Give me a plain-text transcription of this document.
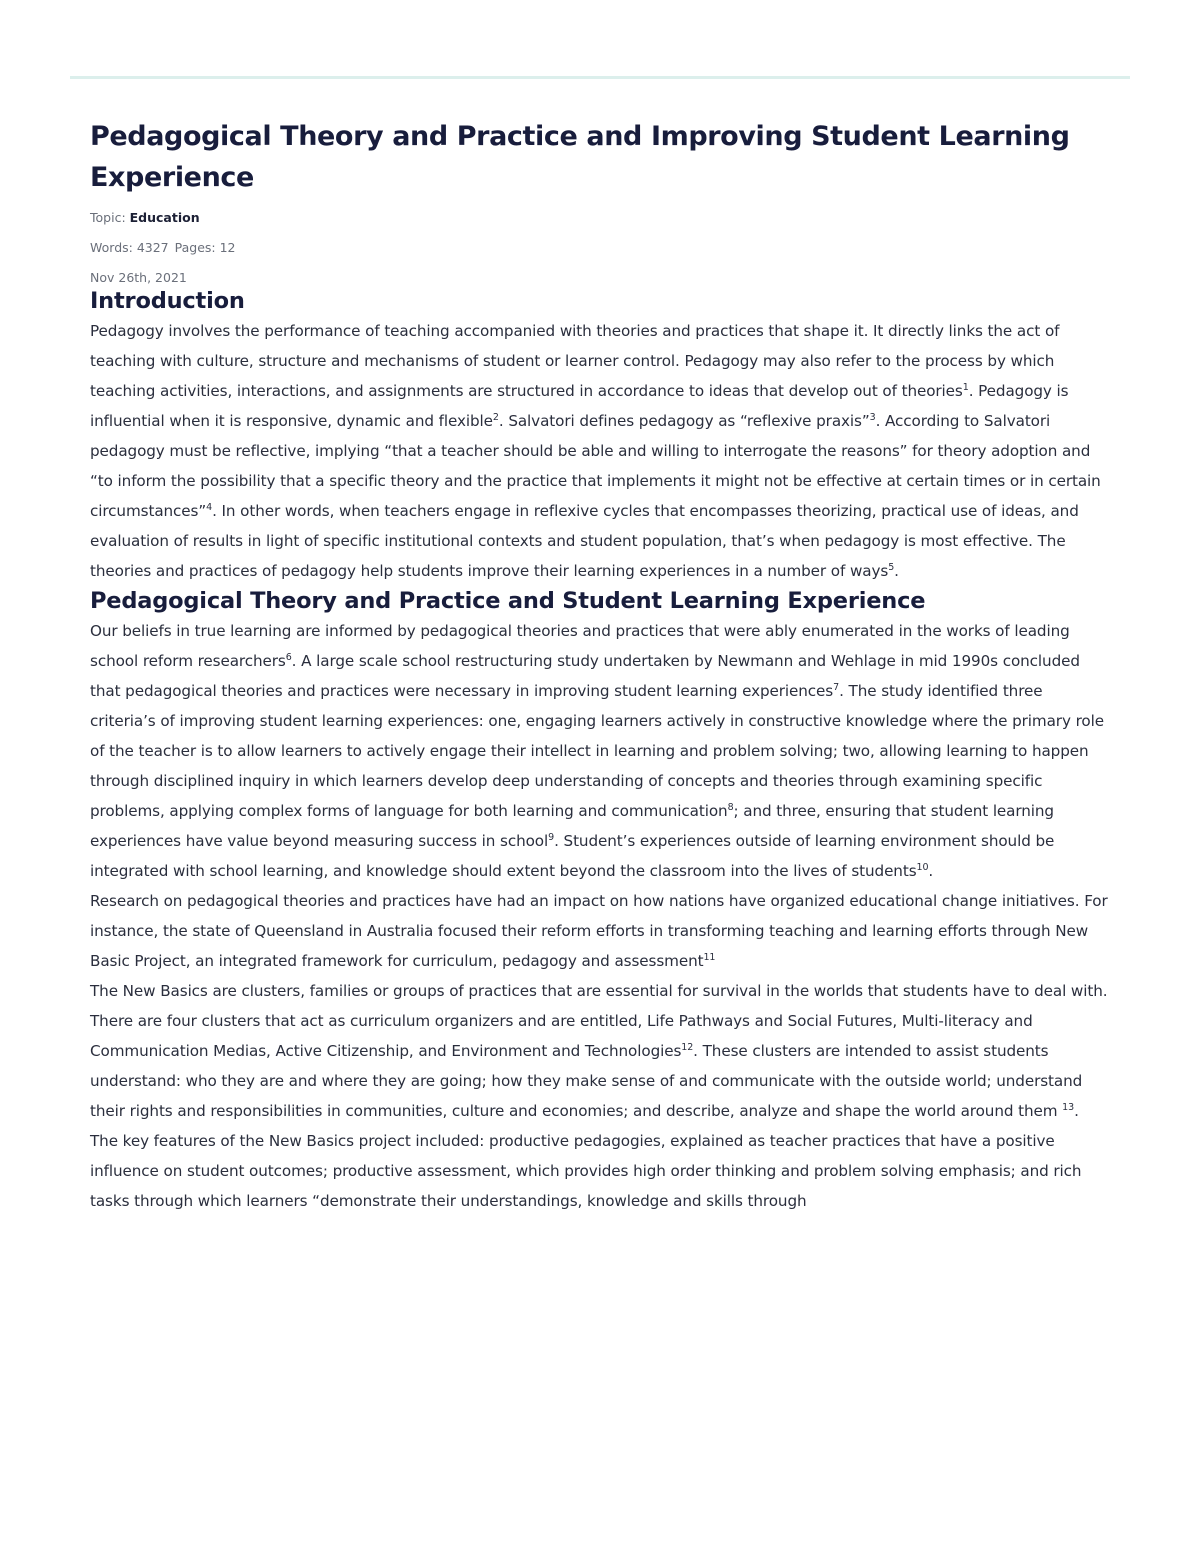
Pedagogical Theory and Practice and Improving Student Learning Experience

Topic: Education

Words: 4327 Pages: 12

Nov 26th, 2021

Introduction

Pedagogy involves the performance of teaching accompanied with theories and practices that shape it. It directly links the act of teaching with culture, structure and mechanisms of student or learner control. Pedagogy may also refer to the process by which teaching activities, interactions, and assignments are structured in accordance to ideas that develop out of theories$^1$. Pedagogy is influential when it is responsive, dynamic and flexible$^2$. Salvatori defines pedagogy as “reflexive praxis”$^3$. According to Salvatori pedagogy must be reflective, implying “that a teacher should be able and willing to interrogate the reasons” for theory adoption and “to inform the possibility that a specific theory and the practice that implements it might not be effective at certain times or in certain circumstances”$^4$. In other words, when teachers engage in reflexive cycles that encompasses theorizing, practical use of ideas, and evaluation of results in light of specific institutional contexts and student population, that’s when pedagogy is most effective. The theories and practices of pedagogy help students improve their learning experiences in a number of ways$^5$.

Pedagogical Theory and Practice and Student Learning Experience

Our beliefs in true learning are informed by pedagogical theories and practices that were ably enumerated in the works of leading school reform researchers$^6$. A large scale school restructuring study undertaken by Newmann and Wehlage in mid 1990s concluded that pedagogical theories and practices were necessary in improving student learning experiences$^7$. The study identified three criteria’s of improving student learning experiences: one, engaging learners actively in constructive knowledge where the primary role of the teacher is to allow learners to actively engage their intellect in learning and problem solving; two, allowing learning to happen through disciplined inquiry in which learners develop deep understanding of concepts and theories through examining specific problems, applying complex forms of language for both learning and communication$^8$; and three, ensuring that student learning experiences have value beyond measuring success in school$^9$. Student’s experiences outside of learning environment should be integrated with school learning, and knowledge should extent beyond the classroom into the lives of students$^{10}$.

Research on pedagogical theories and practices have had an impact on how nations have organized educational change initiatives. For instance, the state of Queensland in Australia focused their reform efforts in transforming teaching and learning efforts through New Basic Project, an integrated framework for curriculum, pedagogy and assessment$^{11}$

The New Basics are clusters, families or groups of practices that are essential for survival in the worlds that students have to deal with. There are four clusters that act as curriculum organizers and are entitled, Life Pathways and Social Futures, Multi-literacy and Communication Medias, Active Citizenship, and Environment and Technologies$^{12}$. These clusters are intended to assist students understand: who they are and where they are going; how they make sense of and communicate with the outside world; understand their rights and responsibilities in communities, culture and economies; and describe, analyze and shape the world around them $^{13}$.

The key features of the New Basics project included: productive pedagogies, explained as teacher practices that have a positive influence on student outcomes; productive assessment, which provides high order thinking and problem solving emphasis; and rich tasks through which learners “demonstrate their understandings, knowledge and skills through
